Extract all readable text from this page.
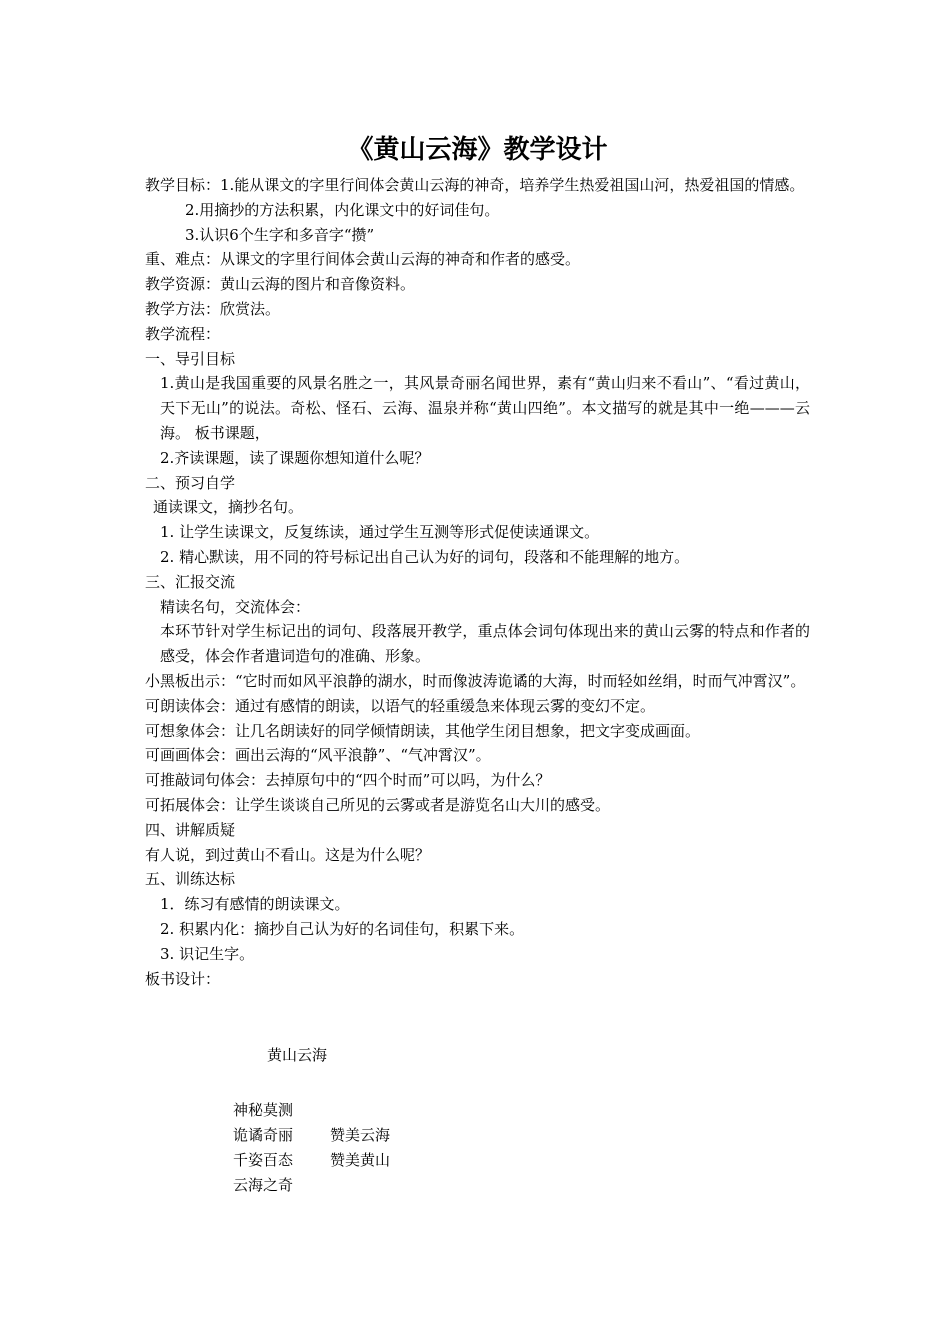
《黄山云海》教学设计

教学目标：1.能从课文的字里行间体会黄山云海的神奇，培养学生热爱祖国山河，热爱祖国的情感。

2.用摘抄的方法积累，内化课文中的好词佳句。

3.认识6个生字和多音字“攒”

重、难点：从课文的字里行间体会黄山云海的神奇和作者的感受。

教学资源：黄山云海的图片和音像资料。

教学方法：欣赏法。

教学流程：

一、导引目标

1.黄山是我国重要的风景名胜之一，其风景奇丽名闻世界，素有“黄山归来不看山”、“看过黄山，天下无山”的说法。奇松、怪石、云海、温泉并称“黄山四绝”。本文描写的就是其中一绝———云海。 板书课题，

2.齐读课题，读了课题你想知道什么呢？

二、预习自学

通读课文，摘抄名句。

1. 让学生读课文，反复练读，通过学生互测等形式促使读通课文。

2. 精心默读，用不同的符号标记出自己认为好的词句，段落和不能理解的地方。

三、汇报交流

精读名句，交流体会：

本环节针对学生标记出的词句、段落展开教学，重点体会词句体现出来的黄山云雾的特点和作者的感受，体会作者遣词造句的准确、形象。

小黑板出示：“它时而如风平浪静的湖水，时而像波涛诡谲的大海，时而轻如丝绢，时而气冲霄汉”。

可朗读体会：通过有感情的朗读，以语气的轻重缓急来体现云雾的变幻不定。

可想象体会：让几名朗读好的同学倾情朗读，其他学生闭目想象，把文字变成画面。

可画画体会：画出云海的“风平浪静”、“气冲霄汉”。

可推敲词句体会：去掉原句中的“四个时而”可以吗，为什么？

可拓展体会：让学生谈谈自己所见的云雾或者是游览名山大川的感受。

四、讲解质疑

有人说，到过黄山不看山。这是为什么呢？

五、训练达标

1．练习有感情的朗读课文。

2. 积累内化：摘抄自己认为好的名词佳句，积累下来。

3. 识记生字。

板书设计：

黄山云海
神秘莫测
诡谲奇丽 赞美云海
千姿百态 赞美黄山
云海之奇
